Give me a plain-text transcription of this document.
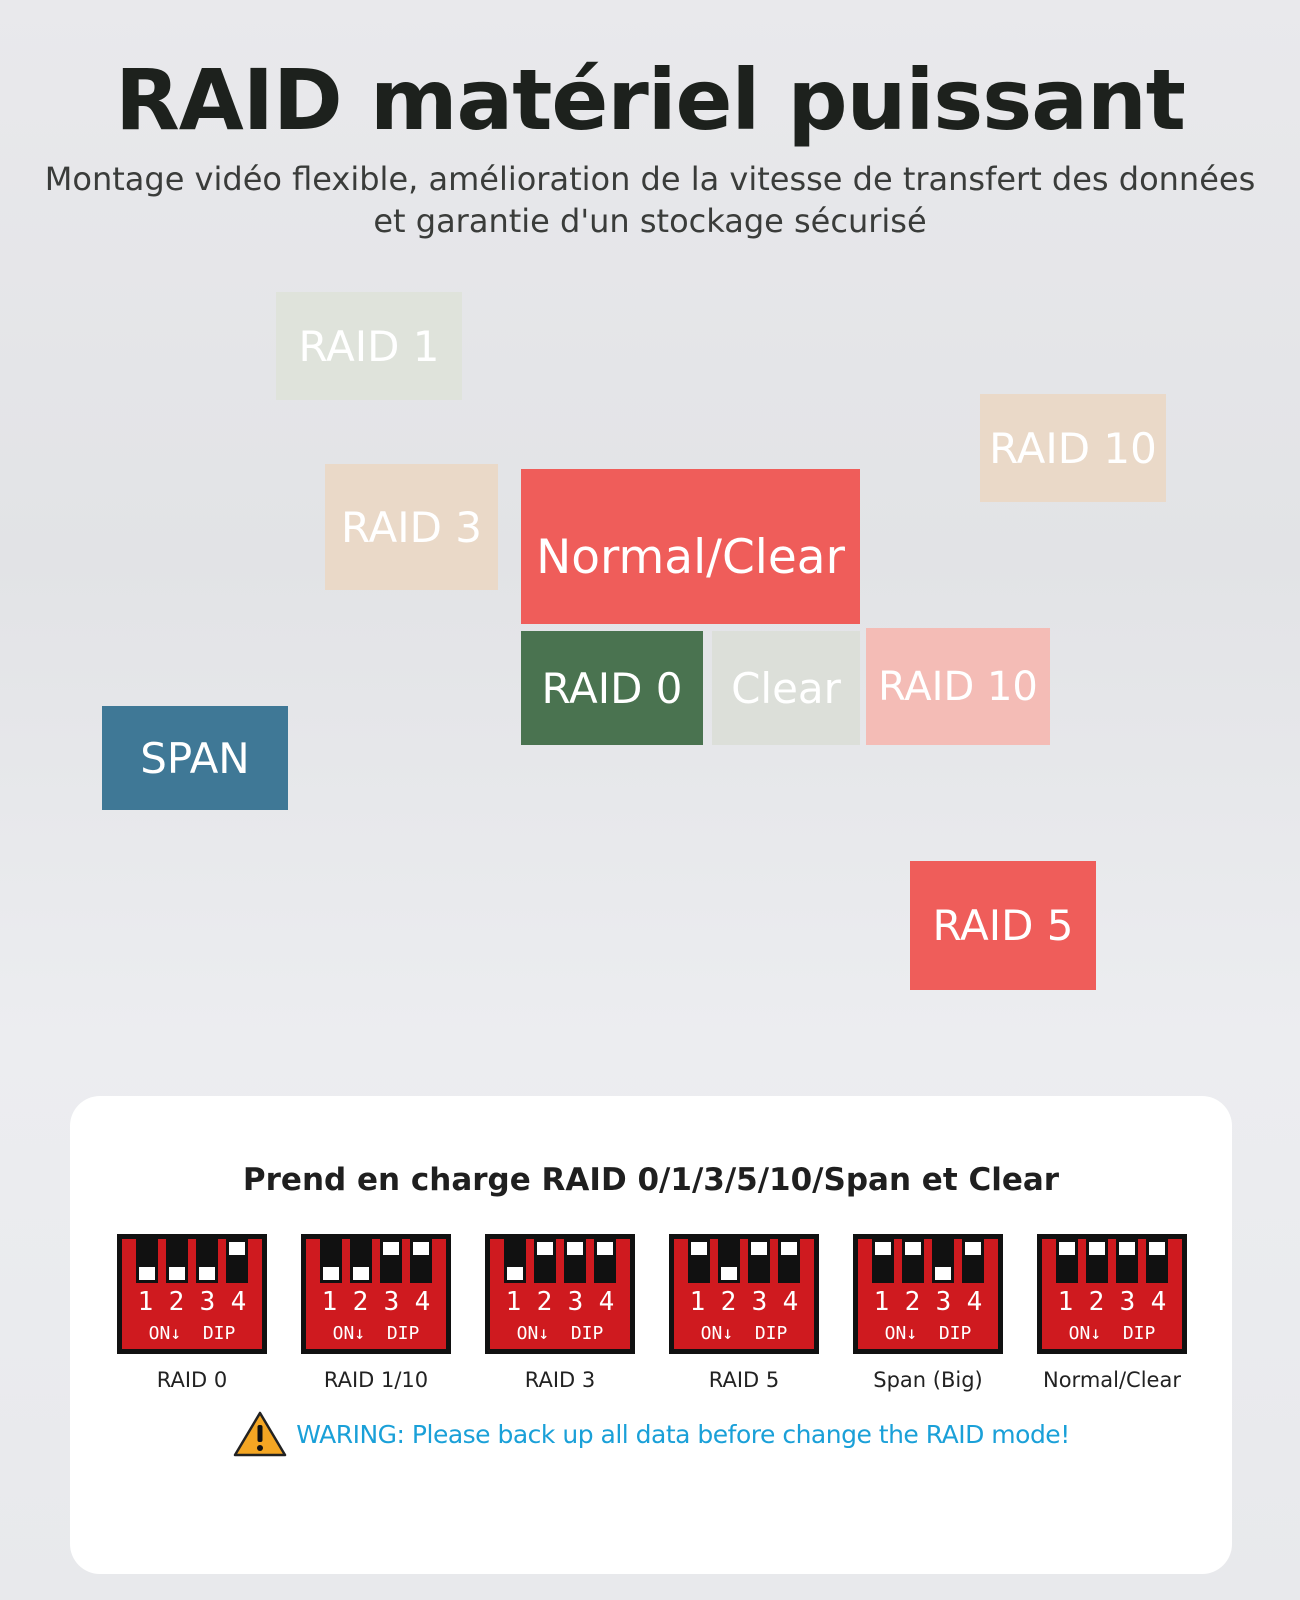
RAID matériel puissant

Montage vidéo flexible, amélioration de la vitesse de transfert des données et garantie d'un stockage sécurisé

RAID 1
RAID 10
RAID 3
Normal/Clear
RAID 0	Clear RAID 10
SPAN
RAID 5
Prend en charge RAID 0/1/3/5/10/Span et Clear
1 2 3 4
ON↓  DIP
RAID 0
1 2 3 4
ON↓  DIP
RAID 1/10
1 2 3 4
ON↓  DIP
RAID 3
1 2 3 4
ON↓  DIP
RAID 5
1 2 3 4
ON↓  DIP
Span (Big)
1 2 3 4
ON↓  DIP
Normal/Clear
WARING: Please back up all data before change the RAID mode!
